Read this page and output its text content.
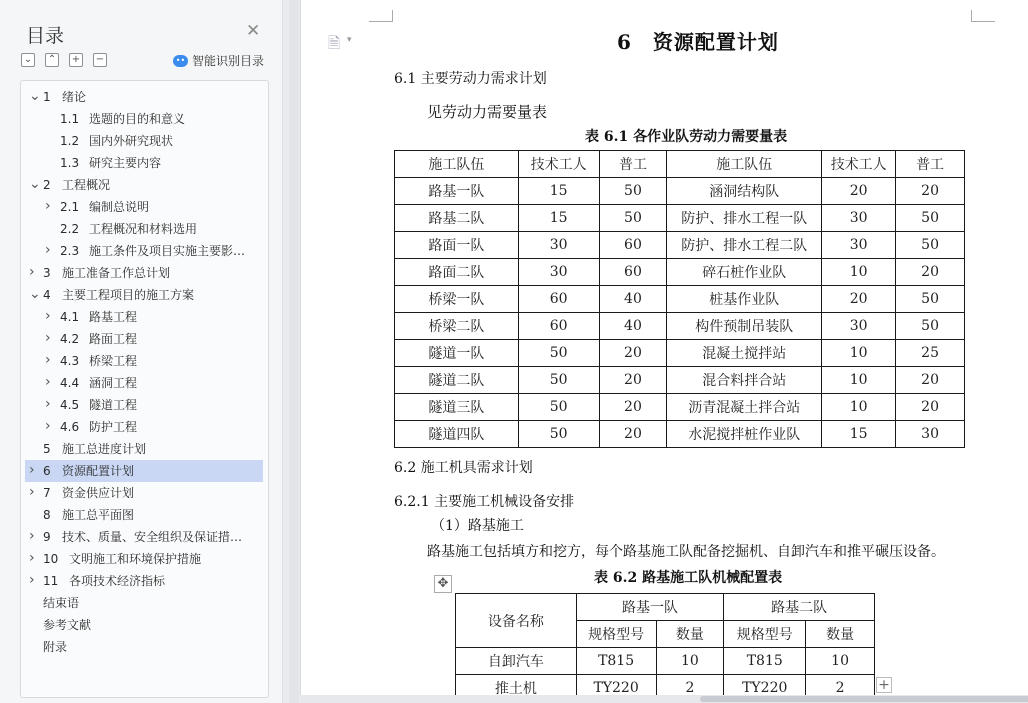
目录	✕
⌄ ⌃ + −	•• 智能识别目录
⌄ 1 绪论
1.1 选题的目的和意义
1.2 国内外研究现状
1.3 研究主要内容
⌄ 2 工程概况
› 2.1 编制总说明
2.2 工程概况和材料选用
› 2.3 施工条件及项目实施主要影…
› 3 施工准备工作总计划
⌄ 4 主要工程项目的施工方案
› 4.1 路基工程
› 4.2 路面工程
› 4.3 桥梁工程
› 4.4 涵洞工程
› 4.5 隧道工程
› 4.6 防护工程
5 施工总进度计划
› 6 资源配置计划
› 7 资金供应计划
8 施工总平面图
› 9 技术、质量、安全组织及保证措…
› 10 文明施工和环境保护措施
› 11 各项技术经济指标
结束语
参考文献
附录
🗎 ▾	6　资源配置计划
6.1 主要劳动力需求计划
见劳动力需要量表
表 6.1 各作业队劳动力需要量表
施工队伍	技术工人	普工	施工队伍	技术工人	普工
路基一队	15	50	涵洞结构队	20	20
路基二队	15	50	防护、排水工程一队	30	50
路面一队	30	60	防护、排水工程二队	30	50
路面二队	30	60	碎石桩作业队	10	20
桥梁一队	60	40	桩基作业队	20	50
桥梁二队	60	40	构件预制吊装队	30	50
隧道一队	50	20	混凝土搅拌站	10	25
隧道二队	50	20	混合料拌合站	10	20
隧道三队	50	20	沥青混凝土拌合站	10	20
隧道四队	50	20	水泥搅拌桩作业队	15	30
6.2 施工机具需求计划
6.2.1 主要施工机械设备安排
（1）路基施工
路基施工包括填方和挖方，每个路基施工队配备挖掘机、自卸汽车和推平碾压设备。
表 6.2 路基施工队机械配置表
✥
设备名称	路基一队		路基二队	
	规格型号	数量	规格型号	数量
自卸汽车	T815	10	T815	10
推土机	TY220	2	TY220	2 +
